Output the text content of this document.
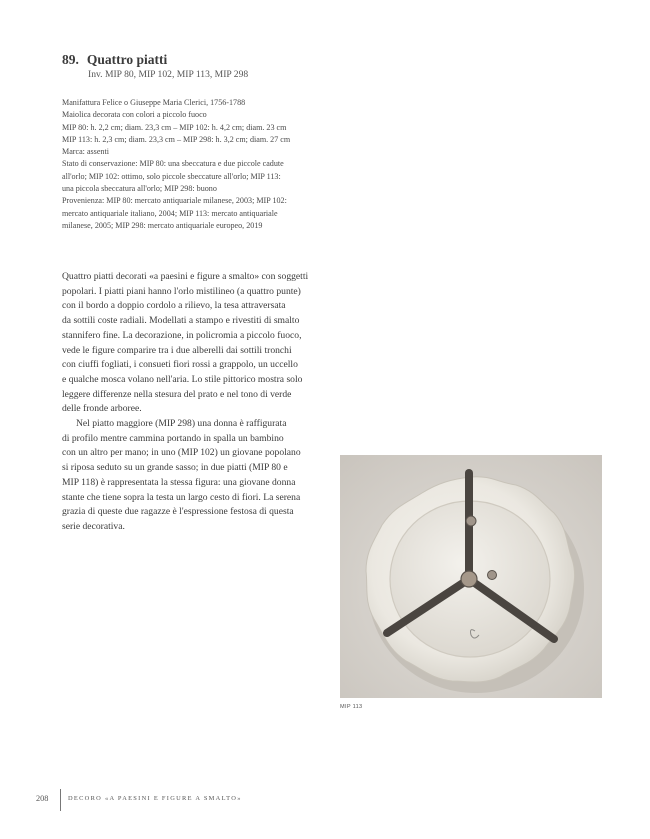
89. Quattro piatti
Inv. MIP 80, MIP 102, MIP 113, MIP 298
Manifattura Felice o Giuseppe Maria Clerici, 1756-1788
Maiolica decorata con colori a piccolo fuoco
MIP 80: h. 2,2 cm; diam. 23,3 cm – MIP 102: h. 4,2 cm; diam. 23 cm
MIP 113: h. 2,3 cm; diam. 23,3 cm – MIP 298: h. 3,2 cm; diam. 27 cm
Marca: assenti
Stato di conservazione: MIP 80: una sbeccatura e due piccole cadute
all'orlo; MIP 102: ottimo, solo piccole sbeccature all'orlo; MIP 113:
una piccola sbeccatura all'orlo; MIP 298: buono
Provenienza: MIP 80: mercato antiquariale milanese, 2003; MIP 102:
mercato antiquariale italiano, 2004; MIP 113: mercato antiquariale
milanese, 2005; MIP 298: mercato antiquariale europeo, 2019
Quattro piatti decorati «a paesini e figure a smalto» con soggetti
popolari. I piatti piani hanno l'orlo mistilineo (a quattro punte)
con il bordo a doppio cordolo a rilievo, la tesa attraversata
da sottili coste radiali. Modellati a stampo e rivestiti di smalto
stannifero fine. La decorazione, in policromia a piccolo fuoco,
vede le figure comparire tra i due alberelli dai sottili tronchi
con ciuffi fogliati, i consueti fiori rossi a grappolo, un uccello
e qualche mosca volano nell'aria. Lo stile pittorico mostra solo
leggere differenze nella stesura del prato e nel tono di verde
delle fronde arboree.
Nel piatto maggiore (MIP 298) una donna è raffigurata
di profilo mentre cammina portando in spalla un bambino
con un altro per mano; in uno (MIP 102) un giovane popolano
si riposa seduto su un grande sasso; in due piatti (MIP 80 e
MIP 118) è rappresentata la stessa figura: una giovane donna
stante che tiene sopra la testa un largo cesto di fiori. La serena
grazia di queste due ragazze è l'espressione festosa di questa
serie decorativa.
MIP 113
208	DECORO «A PAESINI E FIGURE A SMALTO»
